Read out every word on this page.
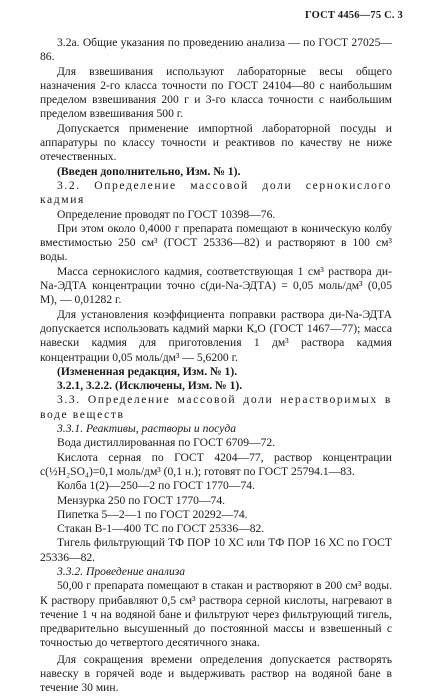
ГОСТ 4456—75 С. 3

3.2а. Общие указания по проведению анализа — по ГОСТ 27025—86.

Для взвешивания используют лабораторные весы общего назначения 2-го класса точности по ГОСТ 24104—80 с наибольшим пределом взвешивания 200 г и 3-го класса точности с наибольшим пределом взвешивания 500 г.

Допускается применение импортной лабораторной посуды и аппаратуры по классу точности и реактивов по качеству не ниже отечественных.

(Введен дополнительно, Изм. № 1).

3.2. Определение массовой доли сернокислого кадмия

Определение проводят по ГОСТ 10398—76.

При этом около 0,4000 г препарата помещают в коническую колбу вместимостью 250 см³ (ГОСТ 25336—82) и растворяют в 100 см³ воды.

Масса сернокислого кадмия, соответствующая 1 см³ раствора ди-Na-ЭДТА концентрации точно с(ди-Na-ЭДТА) = 0,05 моль/дм³ (0,05 М), — 0,01282 г.

Для установления коэффициента поправки раствора ди-Na-ЭДТА допускается использовать кадмий марки КₐО (ГОСТ 1467—77); масса навески кадмия для приготовления 1 дм³ раствора кадмия концентрации 0,05 моль/дм³ — 5,6200 г.

(Измененная редакция, Изм. № 1).

3.2.1, 3.2.2. (Исключены, Изм. № 1).

3.3. Определение массовой доли нерастворимых в воде веществ

3.3.1. Реактивы, растворы и посуда

Вода дистиллированная по ГОСТ 6709—72.

Кислота серная по ГОСТ 4204—77, раствор концентрации с(½H₂SO₄)=0,1 моль/дм³ (0,1 н.); готовят по ГОСТ 25794.1—83.

Колба 1(2)—250—2 по ГОСТ 1770—74.

Мензурка 250 по ГОСТ 1770—74.

Пипетка 5—2—1 по ГОСТ 20292—74.

Стакан В-1—400 ТС по ГОСТ 25336—82.

Тигель фильтрующий ТФ ПОР 10 ХС или ТФ ПОР 16 ХС по ГОСТ 25336—82.

3.3.2. Проведение анализа

50,00 г препарата помещают в стакан и растворяют в 200 см³ воды. К раствору прибавляют 0,5 см³ раствора серной кислоты, нагревают в течение 1 ч на водяной бане и фильтруют через фильтрующий тигель, предварительно высушенный до постоянной массы и взвешенный с точностью до четвертого десятичного знака.

Для сокращения времени определения допускается растворять навеску в горячей воде и выдерживать раствор на водяной бане в течение 30 мин.
